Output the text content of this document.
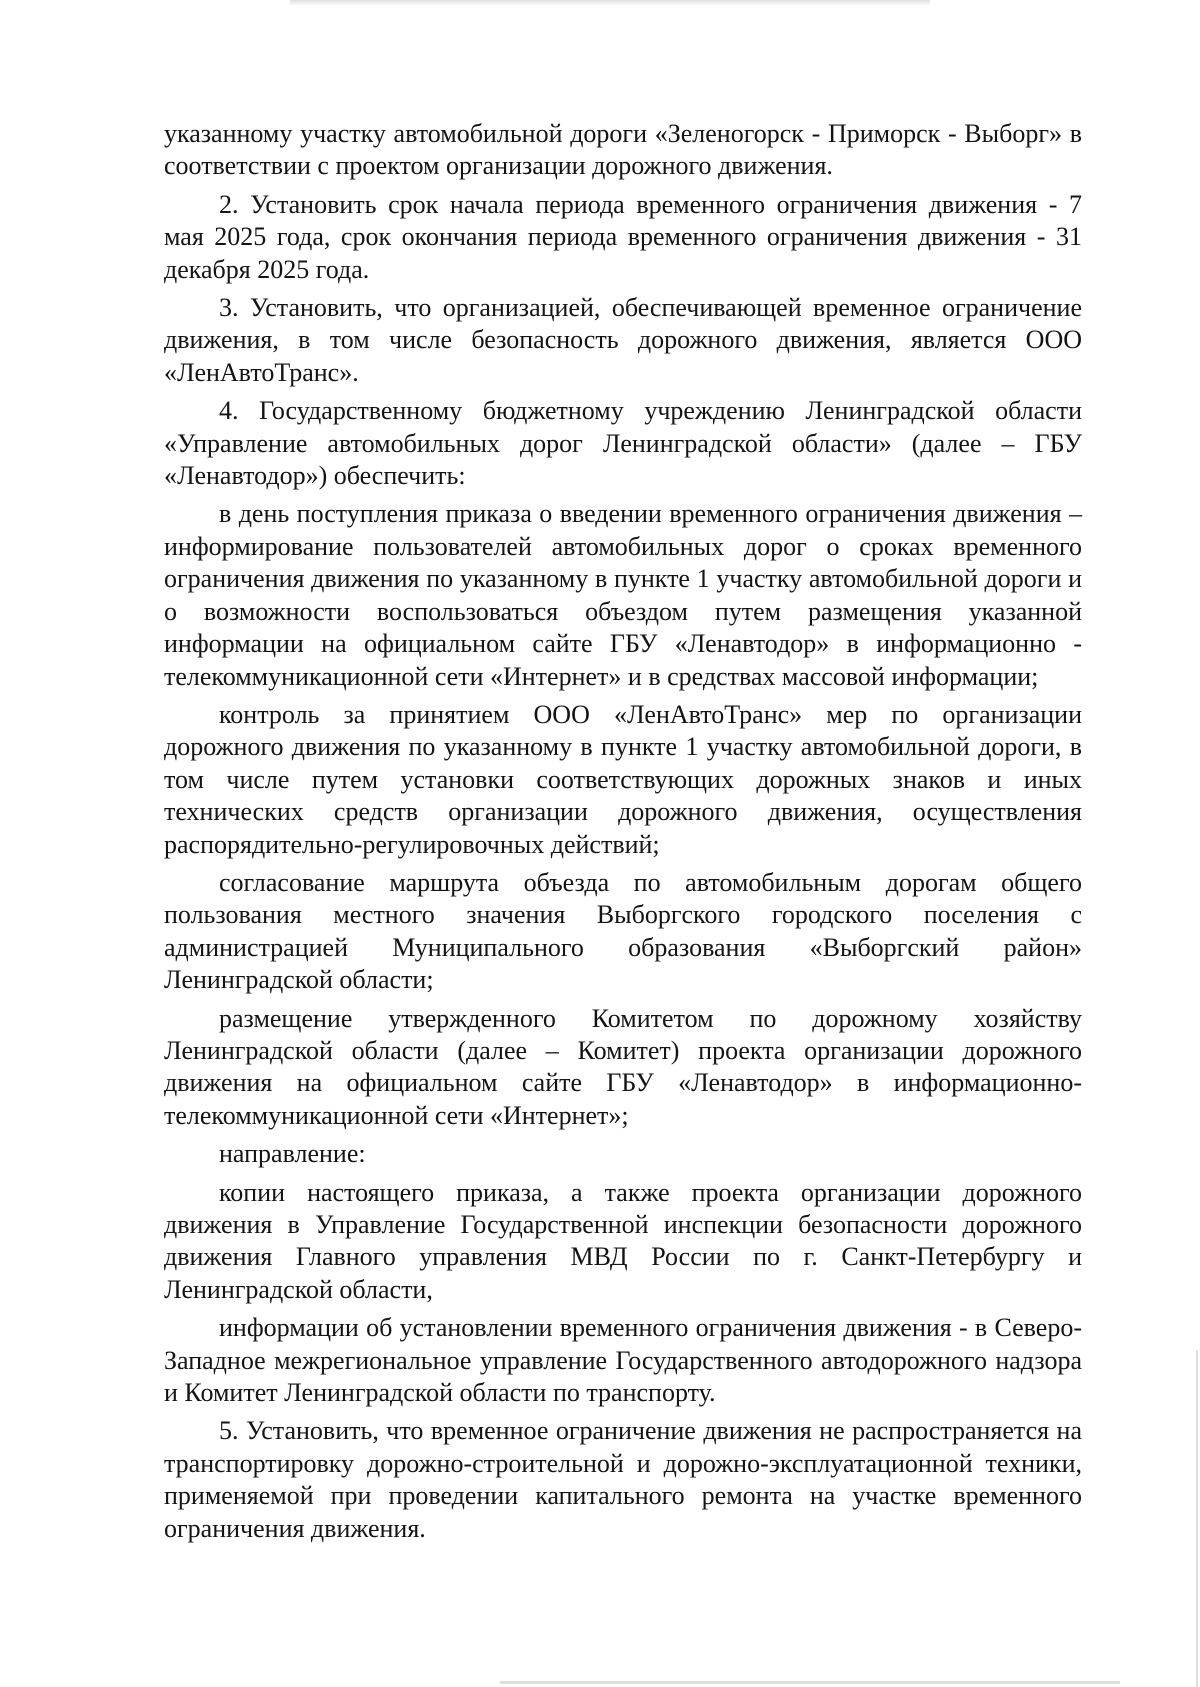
указанному участку автомобильной дороги «Зеленогорск - Приморск - Выборг» в соответствии с проектом организации дорожного движения.

2. Установить срок начала периода временного ограничения движения - 7 мая 2025 года, срок окончания периода временного ограничения движения - 31 декабря 2025 года.

3. Установить, что организацией, обеспечивающей временное ограничение движения, в том числе безопасность дорожного движения, является ООО «ЛенАвтоТранс».

4. Государственному бюджетному учреждению Ленинградской области «Управление автомобильных дорог Ленинградской области» (далее – ГБУ «Ленавтодор») обеспечить:

в день поступления приказа о введении временного ограничения движения – информирование пользователей автомобильных дорог о сроках временного ограничения движения по указанному в пункте 1 участку автомобильной дороги и о возможности воспользоваться объездом путем размещения указанной информации на официальном сайте ГБУ «Ленавтодор» в информационно - телекоммуникационной сети «Интернет» и в средствах массовой информации;

контроль за принятием ООО «ЛенАвтоТранс» мер по организации дорожного движения по указанному в пункте 1 участку автомобильной дороги, в том числе путем установки соответствующих дорожных знаков и иных технических средств организации дорожного движения, осуществления распорядительно-регулировочных действий;

согласование маршрута объезда по автомобильным дорогам общего пользования местного значения Выборгского городского поселения с администрацией Муниципального образования «Выборгский район» Ленинградской области;

размещение утвержденного Комитетом по дорожному хозяйству Ленинградской области (далее – Комитет) проекта организации дорожного движения на официальном сайте ГБУ «Ленавтодор» в информационно-телекоммуникационной сети «Интернет»;

направление:

копии настоящего приказа, а также проекта организации дорожного движения в Управление Государственной инспекции безопасности дорожного движения Главного управления МВД России по г. Санкт-Петербургу и Ленинградской области,

информации об установлении временного ограничения движения - в Северо-Западное межрегиональное управление Государственного автодорожного надзора и Комитет Ленинградской области по транспорту.

5. Установить, что временное ограничение движения не распространяется на транспортировку дорожно-строительной и дорожно-эксплуатационной техники, применяемой при проведении капитального ремонта на участке временного ограничения движения.
